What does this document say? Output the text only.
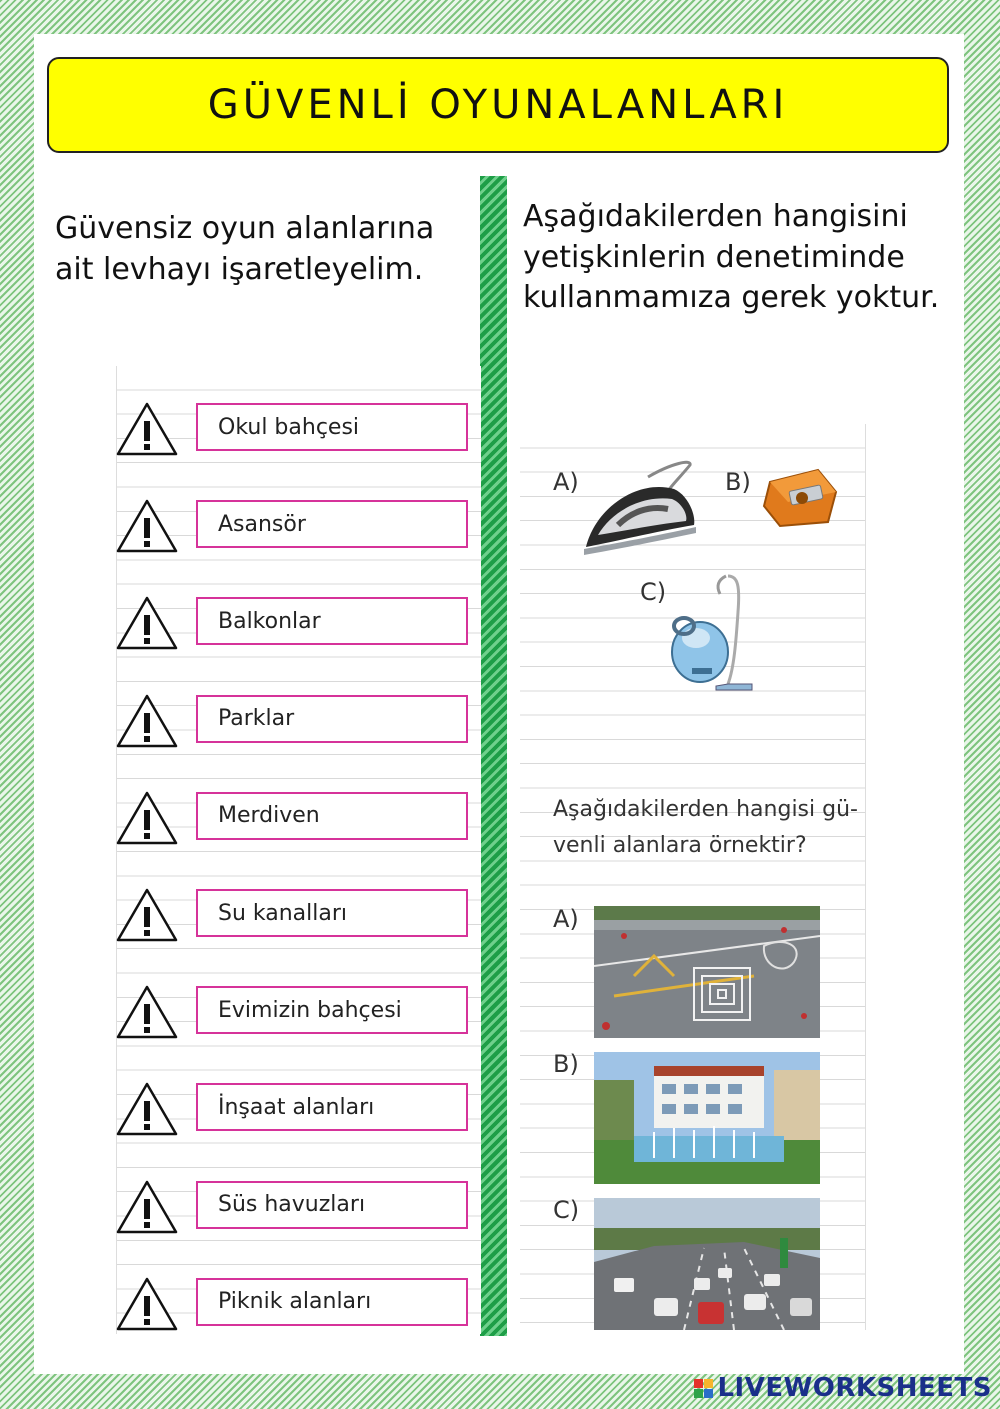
GÜVENLİ OYUNALANLARI
Güvensiz oyun alanlarına ait levhayı işaretleyelim.
Aşağıdakilerden hangisini yetişkinlerin denetiminde kullanmamıza gerek yoktur.
Okul bahçesi
Asansör
Balkonlar
Parklar
Merdiven
Su kanalları
Evimizin bahçesi
İnşaat alanları
Süs havuzları
Piknik alanları
A)	B)
C)
Aşağıdakilerden hangisi gü- venli alanlara örnektir?
A)
B)
C)
LIVEWORKSHEETS
